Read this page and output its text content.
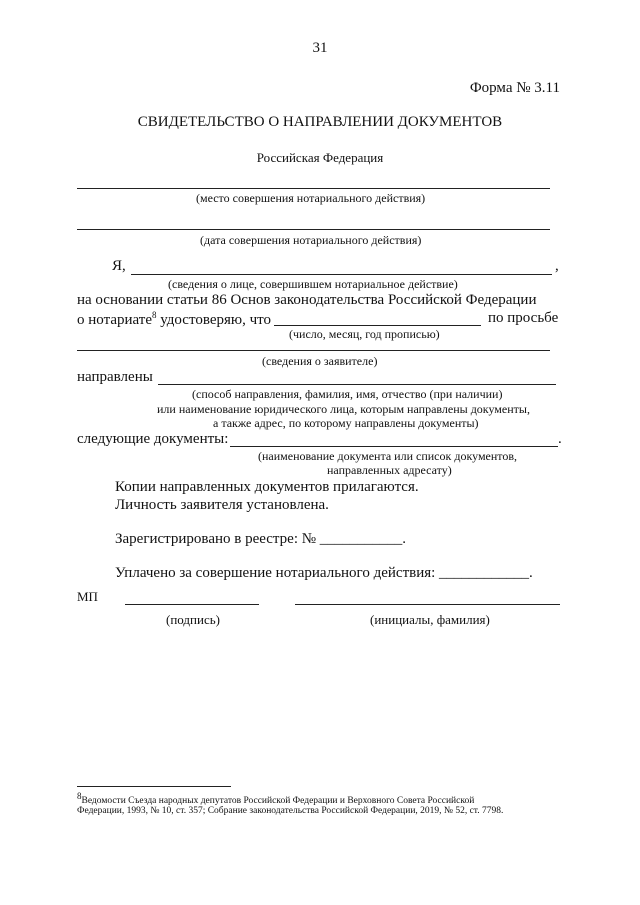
31
Форма № 3.11
СВИДЕТЕЛЬСТВО О НАПРАВЛЕНИИ ДОКУМЕНТОВ
Российская Федерация
(место совершения нотариального действия)
(дата совершения нотариального действия)
Я,	,
(сведения о лице, совершившем нотариальное действие)
на основании статьи 86 Основ законодательства Российской Федерации
о нотариате$^8$ удостоверяю, что	по просьбе
(число, месяц, год прописью)
(сведения о заявителе)
направлены
(способ направления, фамилия, имя, отчество (при наличии)
или наименование юридического лица, которым направлены документы,
а также адрес, по которому направлены документы)
следующие документы:	.
(наименование документа или список документов,
направленных адресату)
Копии направленных документов прилагаются.
Личность заявителя установлена.
Зарегистрировано в реестре: № ___________.
Уплачено за совершение нотариального действия: ____________.
МП
(подпись)	(инициалы, фамилия)
$^8$Ведомости Съезда народных депутатов Российской Федерации и Верховного Совета Российской
Федерации, 1993, № 10, ст. 357; Собрание законодательства Российской Федерации, 2019, № 52, ст. 7798.
